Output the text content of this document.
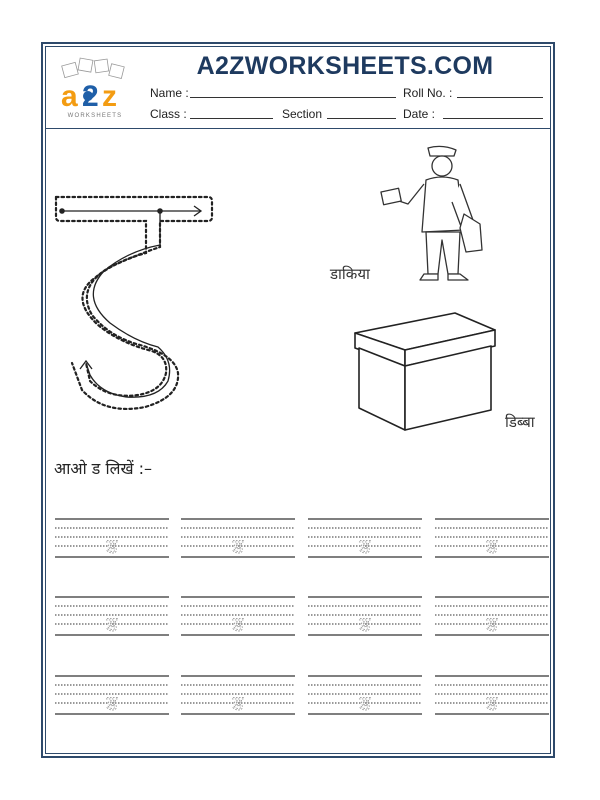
a 2 z
WORKSHEETS
A2ZWORKSHEETS.COM
Name :	Roll No. :
Class :	Section	Date :
डाकिया
डिब्बा
आओ ड लिखें :–
ड	ड	ड	ड
ड	ड	ड	ड
ड	ड	ड	ड
